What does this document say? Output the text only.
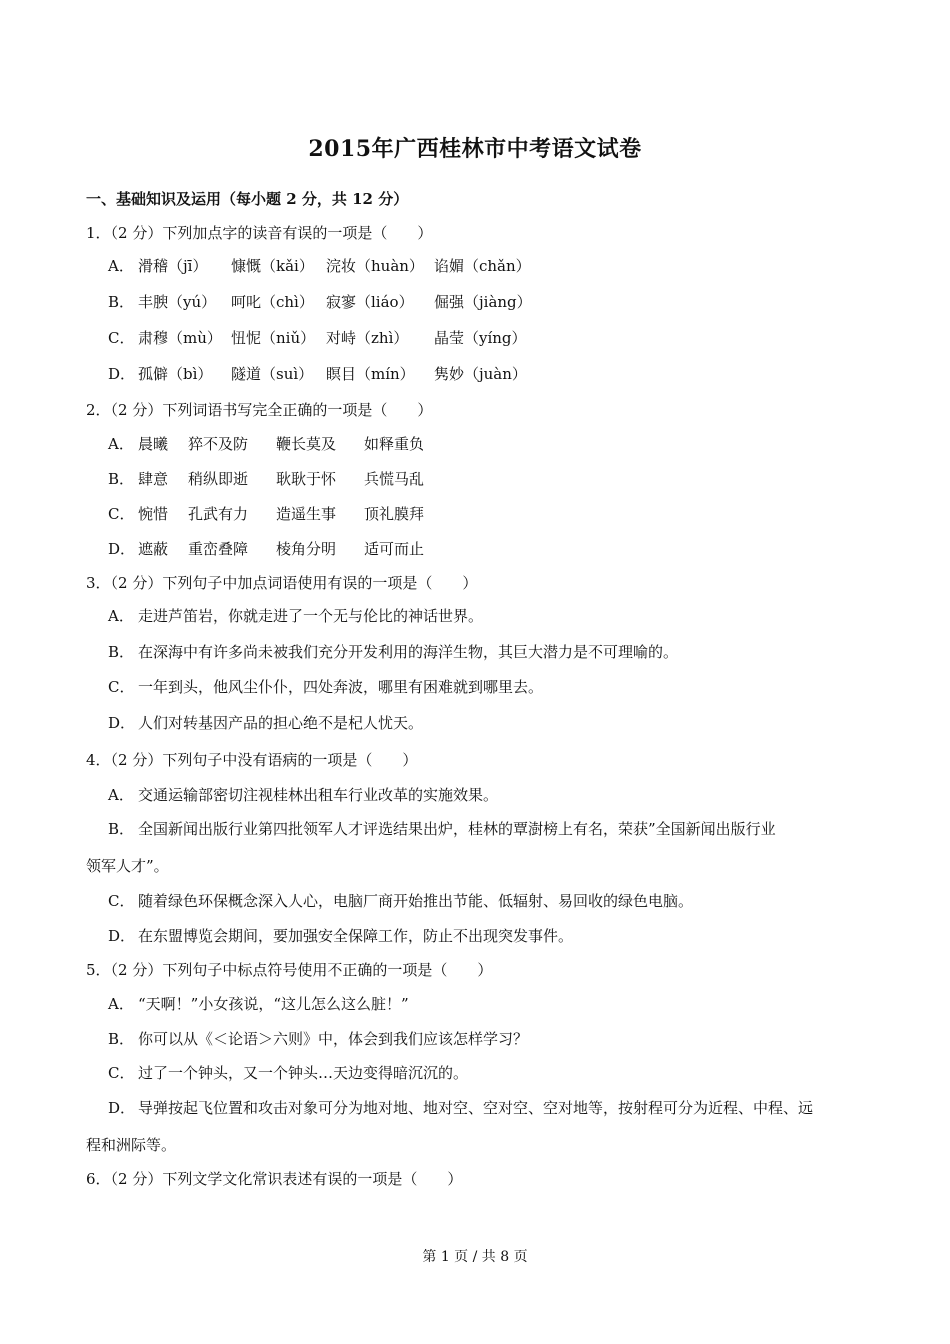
2015年广西桂林市中考语文试卷
一、基础知识及运用（每小题 2 分，共 12 分）
1．（2 分）下列加点字的读音有误的一项是（　　）
A． 滑稽（jī）	慷慨（kǎi） 浣妆（huàn） 谄媚（chǎn）
B． 丰腴（yú） 呵叱（chì） 寂寥（liáo）	倔强（jiàng）
C． 肃穆（mù） 忸怩（niǔ） 对峙（zhì）	晶莹（yíng）
D． 孤僻（bì）	隧道（suì） 瞑目（mín）	隽妙（juàn）
2．（2 分）下列词语书写完全正确的一项是（　　）
A． 晨曦	猝不及防	鞭长莫及	如释重负
B． 肆意	稍纵即逝	耿耿于怀	兵慌马乱
C． 惋惜	孔武有力	造遥生事	顶礼膜拜
D． 遮蔽	重峦叠障	棱角分明	适可而止
3．（2 分）下列句子中加点词语使用有误的一项是（　　）
A． 走进芦笛岩，你就走进了一个无与伦比的神话世界。
B． 在深海中有许多尚未被我们充分开发利用的海洋生物，其巨大潜力是不可理喻的。
C． 一年到头，他风尘仆仆，四处奔波，哪里有困难就到哪里去。
D． 人们对转基因产品的担心绝不是杞人忧天。
4．（2 分）下列句子中没有语病的一项是（　　）
A． 交通运输部密切注视桂林出租车行业改革的实施效果。
B． 全国新闻出版行业第四批领军人才评选结果出炉，桂林的覃澍榜上有名，荣获”全国新闻出版行业
领军人才”。
C． 随着绿色环保概念深入人心，电脑厂商开始推出节能、低辐射、易回收的绿色电脑。
D． 在东盟博览会期间，要加强安全保障工作，防止不出现突发事件。
5．（2 分）下列句子中标点符号使用不正确的一项是（　　）
A． “天啊！”小女孩说，“这儿怎么这么脏！”
B． 你可以从《＜论语＞六则》中，体会到我们应该怎样学习？
C． 过了一个钟头，又一个钟头…天边变得暗沉沉的。
D． 导弹按起飞位置和攻击对象可分为地对地、地对空、空对空、空对地等，按射程可分为近程、中程、远
程和洲际等。
6．（2 分）下列文学文化常识表述有误的一项是（　　）
第 1 页 / 共 8 页
